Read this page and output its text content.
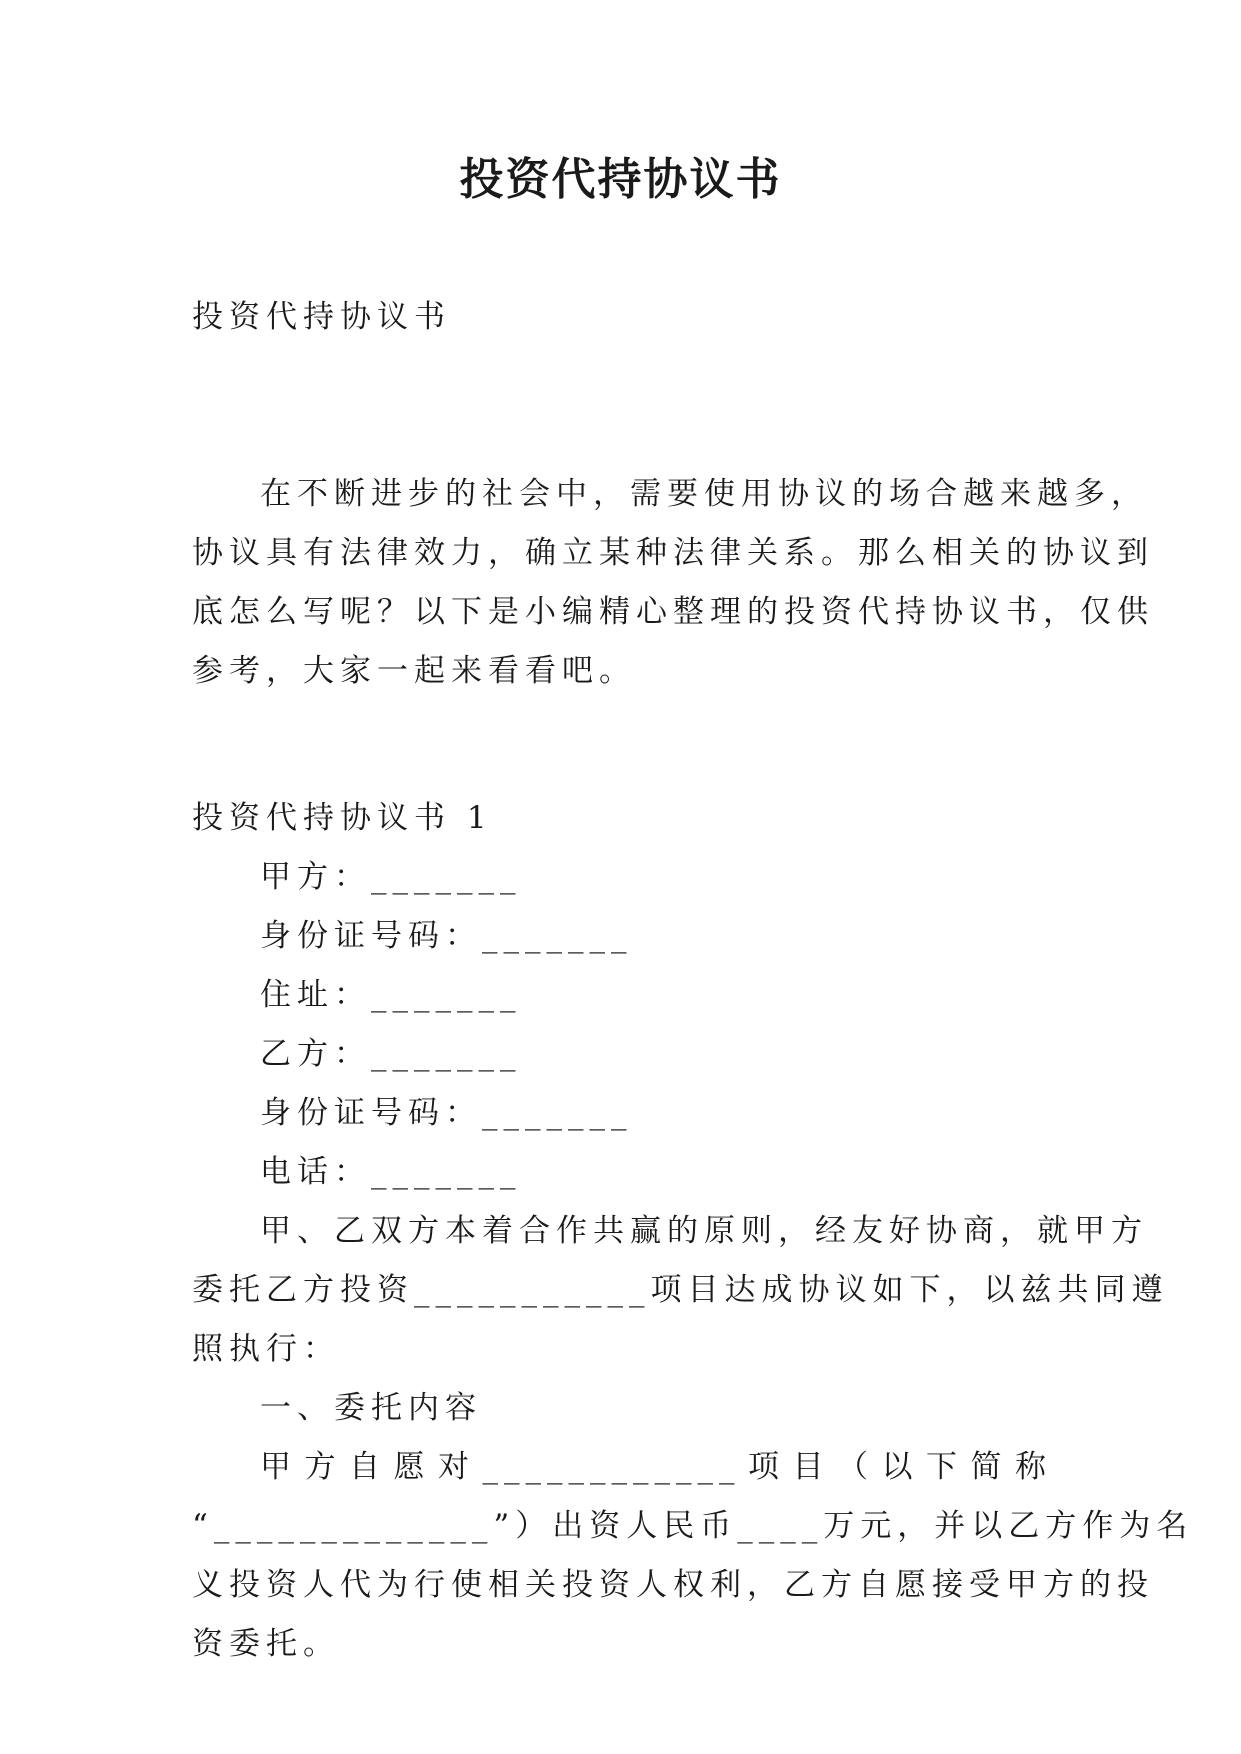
投资代持协议书

投资代持协议书

在不断进步的社会中，需要使用协议的场合越来越多，

协议具有法律效力，确立某种法律关系。那么相关的协议到

底怎么写呢？以下是小编精心整理的投资代持协议书，仅供

参考，大家一起来看看吧。

投资代持协议书 1

甲方：_______

身份证号码：_______

住址：_______

乙方：_______

身份证号码：_______

电话：_______

甲、乙双方本着合作共赢的原则，经友好协商，就甲方

委托乙方投资___________项目达成协议如下，以兹共同遵

照执行：

一、委托内容

甲方自愿对____________项目（以下简称

“_____________”）出资人民币____万元，并以乙方作为名

义投资人代为行使相关投资人权利，乙方自愿接受甲方的投

资委托。
